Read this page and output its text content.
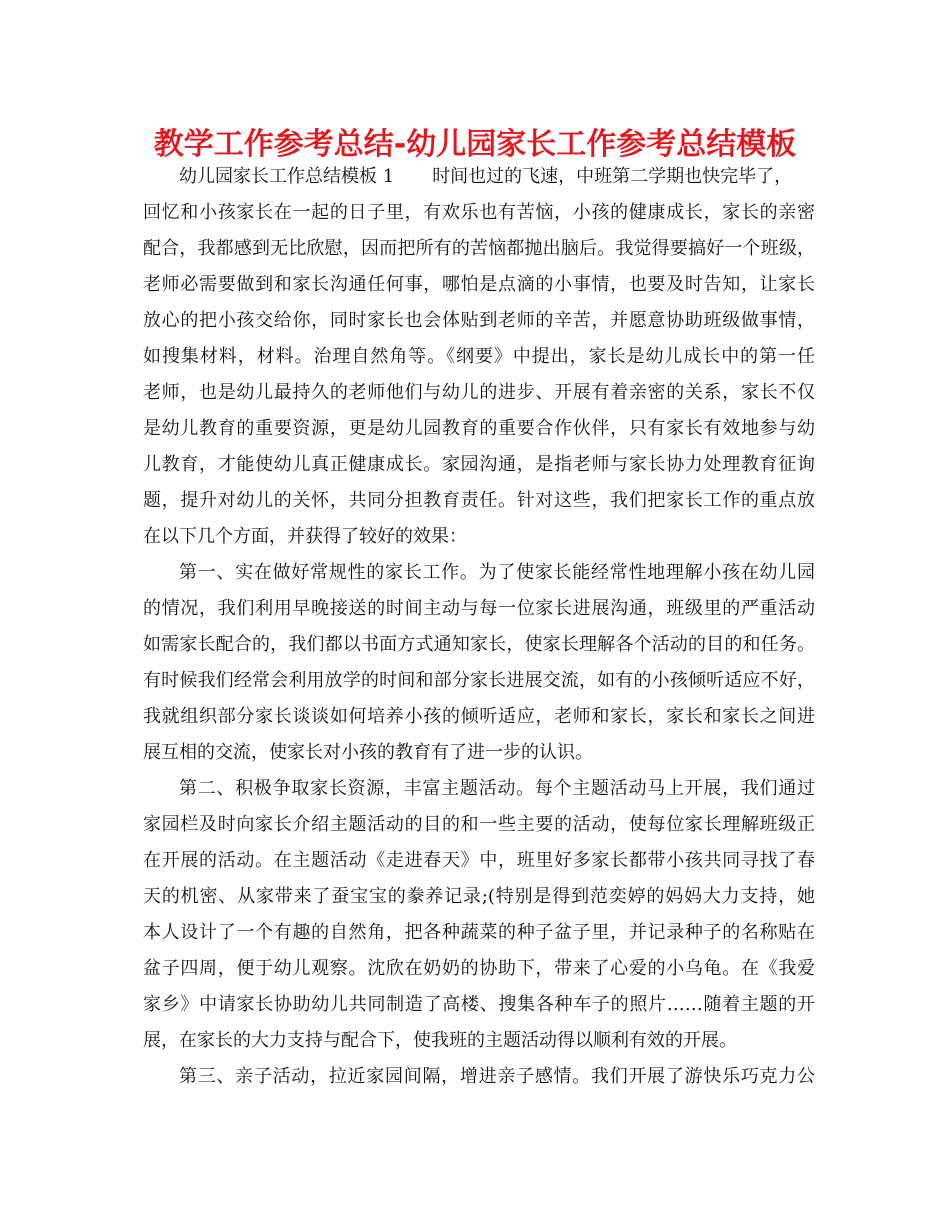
教学工作参考总结-幼儿园家长工作参考总结模板
幼儿园家长工作总结模板 1 时间也过的飞速，中班第二学期也快完毕了，
回忆和小孩家长在一起的日子里，有欢乐也有苦恼，小孩的健康成长，家长的亲密
配合，我都感到无比欣慰，因而把所有的苦恼都抛出脑后。我觉得要搞好一个班级，
老师必需要做到和家长沟通任何事，哪怕是点滴的小事情，也要及时告知，让家长
放心的把小孩交给你，同时家长也会体贴到老师的辛苦，并愿意协助班级做事情，
如搜集材料，材料。治理自然角等。《纲要》中提出，家长是幼儿成长中的第一任
老师，也是幼儿最持久的老师他们与幼儿的进步、开展有着亲密的关系，家长不仅
是幼儿教育的重要资源，更是幼儿园教育的重要合作伙伴，只有家长有效地参与幼
儿教育，才能使幼儿真正健康成长。家园沟通，是指老师与家长协力处理教育征询
题，提升对幼儿的关怀，共同分担教育责任。针对这些，我们把家长工作的重点放
在以下几个方面，并获得了较好的效果：
第一、实在做好常规性的家长工作。为了使家长能经常性地理解小孩在幼儿园
的情况，我们利用早晚接送的时间主动与每一位家长进展沟通，班级里的严重活动
如需家长配合的，我们都以书面方式通知家长，使家长理解各个活动的目的和任务。
有时候我们经常会利用放学的时间和部分家长进展交流，如有的小孩倾听适应不好，
我就组织部分家长谈谈如何培养小孩的倾听适应，老师和家长，家长和家长之间进
展互相的交流，使家长对小孩的教育有了进一步的认识。
第二、积极争取家长资源，丰富主题活动。每个主题活动马上开展，我们通过
家园栏及时向家长介绍主题活动的目的和一些主要的活动，使每位家长理解班级正
在开展的活动。在主题活动《走进春天》中，班里好多家长都带小孩共同寻找了春
天的机密、从家带来了蚕宝宝的豢养记录;(特别是得到范奕婷的妈妈大力支持，她
本人设计了一个有趣的自然角，把各种蔬菜的种子盆子里，并记录种子的名称贴在
盆子四周，便于幼儿观察。沈欣在奶奶的协助下，带来了心爱的小乌龟。在《我爱
家乡》中请家长协助幼儿共同制造了高楼、搜集各种车子的照片……随着主题的开
展，在家长的大力支持与配合下，使我班的主题活动得以顺利有效的开展。
第三、亲子活动，拉近家园间隔，增进亲子感情。我们开展了游快乐巧克力公
